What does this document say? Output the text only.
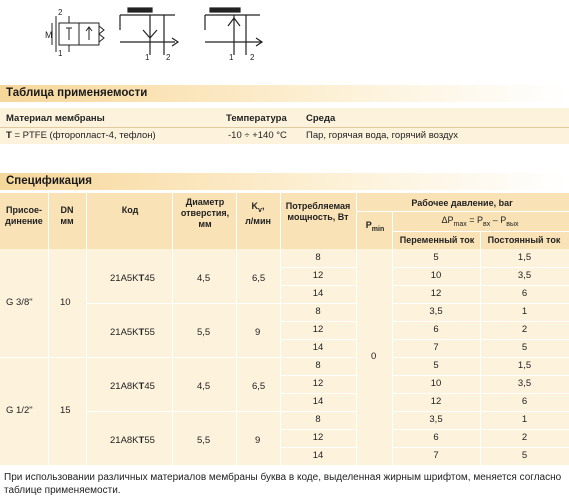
2
1
M
1 2	1 2
Таблица применяемости
Материал мембраны	Температура Среда
T = PTFE (фторопласт-4, тефлон)	-10 ÷ +140 °С Пар, горячая вода, горячий воздух
Спецификация
Присое-
динение
DN
мм
Код
Диаметр
отверстия,
мм
$K_v$,
л/мин
Потребляемая
мощность, Вт
Рабочее давление, bar
$P_{min}$
$\Delta P_{max} = P_{вх} - P_{вых}$
Переменный ток	Постоянный ток
G 3/8"	10
G 1/2"	15
21A5KT45	4,5	6,5
21A5KT55	5,5	9
21A8KT45	4,5	6,5
21A8KT55	5,5	9
0
8	5	1,5
12	10	3,5
14	12	6
8	3,5	1
12	6	2
14	7	5
8	5	1,5
12	10	3,5
14	12	6
8	3,5	1
12	6	2
14	7	5
При использовании различных материалов мембраны буква в коде, выделенная жирным шрифтом, меняется согласно таблице применяемости.
